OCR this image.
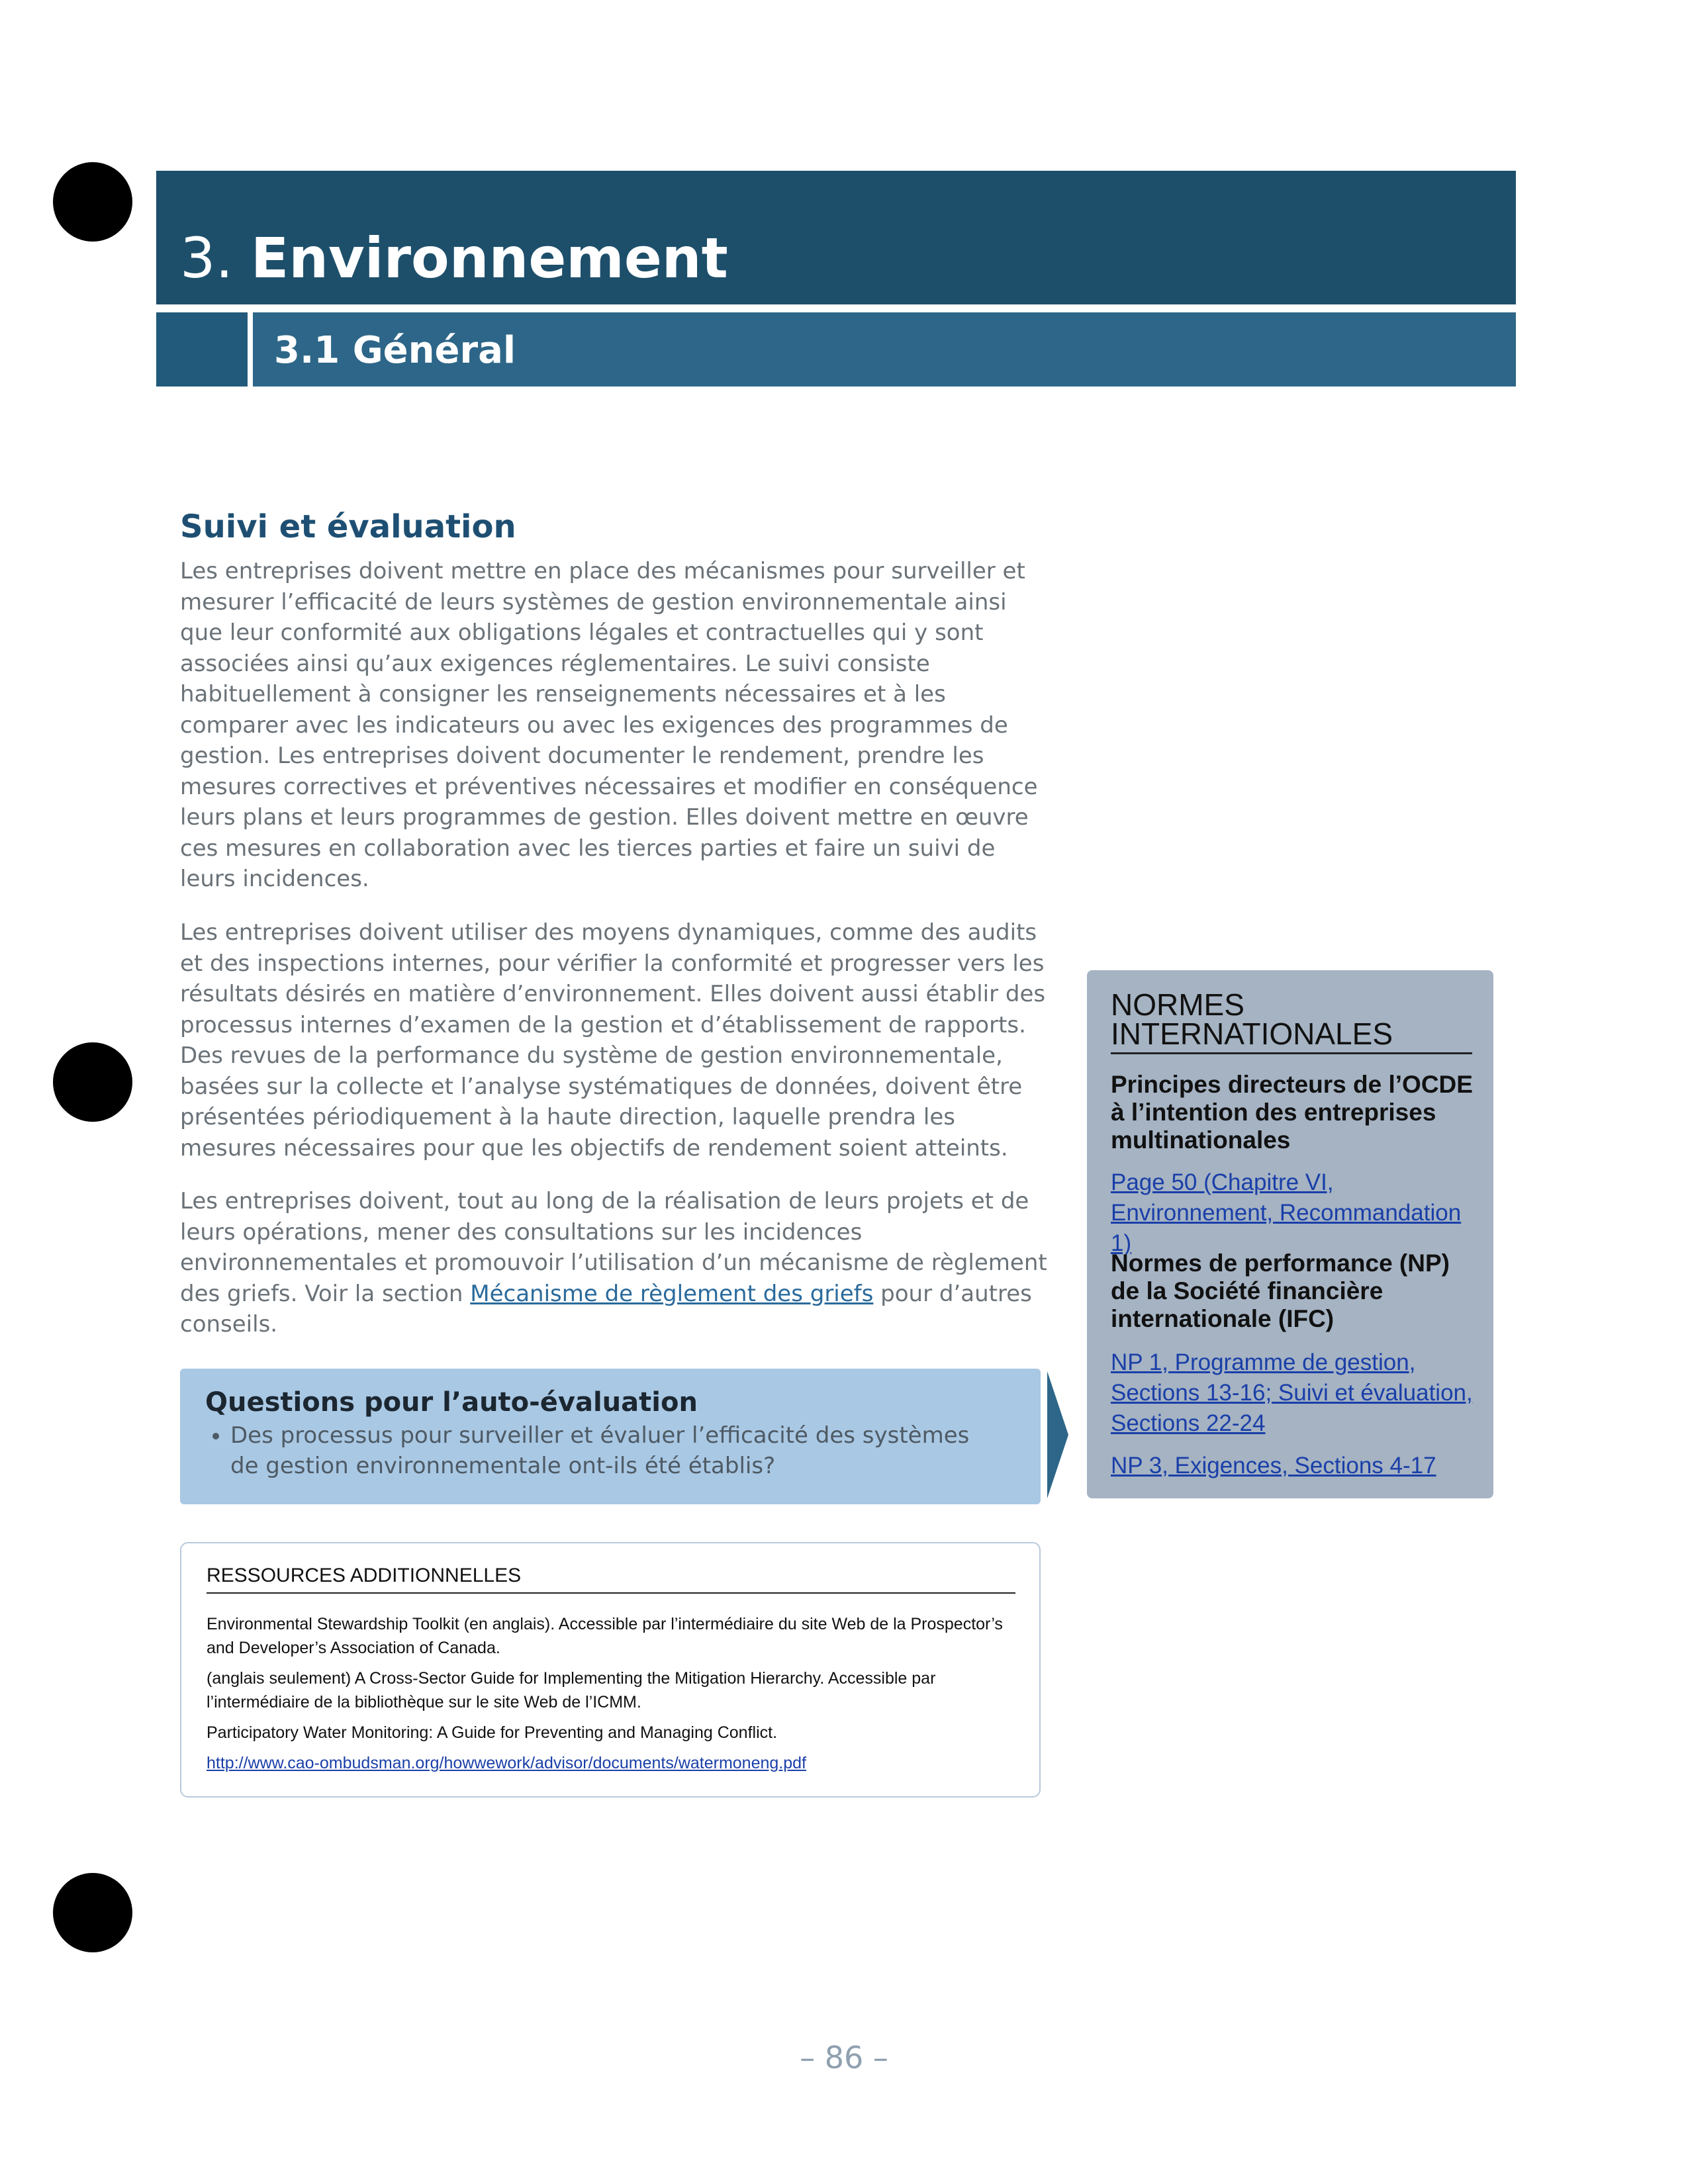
3. Environnement
3.1 Général
Suivi et évaluation

Les entreprises doivent mettre en place des mécanismes pour surveiller et mesurer l’efficacité de leurs systèmes de gestion environnementale ainsi que leur conformité aux obligations légales et contractuelles qui y sont associées ainsi qu’aux exigences réglementaires. Le suivi consiste habituellement à consigner les renseignements nécessaires et à les comparer avec les indicateurs ou avec les exigences des programmes de gestion. Les entreprises doivent documenter le rendement, prendre les mesures correctives et préventives nécessaires et modifier en conséquence leurs plans et leurs programmes de gestion. Elles doivent mettre en œuvre ces mesures en collaboration avec les tierces parties et faire un suivi de leurs incidences.

Les entreprises doivent utiliser des moyens dynamiques, comme des audits et des inspections internes, pour vérifier la conformité et progresser vers les résultats désirés en matière d’environnement. Elles doivent aussi établir des processus internes d’examen de la gestion et d’établissement de rapports. Des revues de la performance du système de gestion environnementale, basées sur la collecte et l’analyse systématiques de données, doivent être présentées périodiquement à la haute direction, laquelle prendra les mesures nécessaires pour que les objectifs de rendement soient atteints.

Les entreprises doivent, tout au long de la réalisation de leurs projets et de leurs opérations, mener des consultations sur les incidences environnementales et promouvoir l’utilisation d’un mécanisme de règlement des griefs. Voir la section Mécanisme de règlement des griefs pour d’autres conseils.

Questions pour l’auto-évaluation
• Des processus pour surveiller et évaluer l’efficacité des systèmes de gestion environnementale ont-ils été établis?
RESSOURCES ADDITIONNELLES
Environmental Stewardship Toolkit (en anglais). Accessible par l’intermédiaire du site Web de la Prospector’s and Developer’s Association of Canada.
(anglais seulement) A Cross-Sector Guide for Implementing the Mitigation Hierarchy. Accessible par l’intermédiaire de la bibliothèque sur le site Web de l’ICMM.
Participatory Water Monitoring: A Guide for Preventing and Managing Conflict.
http://www.cao-ombudsman.org/howwework/advisor/documents/watermoneng.pdf
NORMES INTERNATIONALES
Principes directeurs de l’OCDE à l’intention des entreprises multinationales
Page 50 (Chapitre VI, Environnement, Recommandation 1)
Normes de performance (NP) de la Société financière internationale (IFC)
NP 1, Programme de gestion, Sections 13-16; Suivi et évaluation, Sections 22-24
NP 3, Exigences, Sections 4-17
– 86 –
